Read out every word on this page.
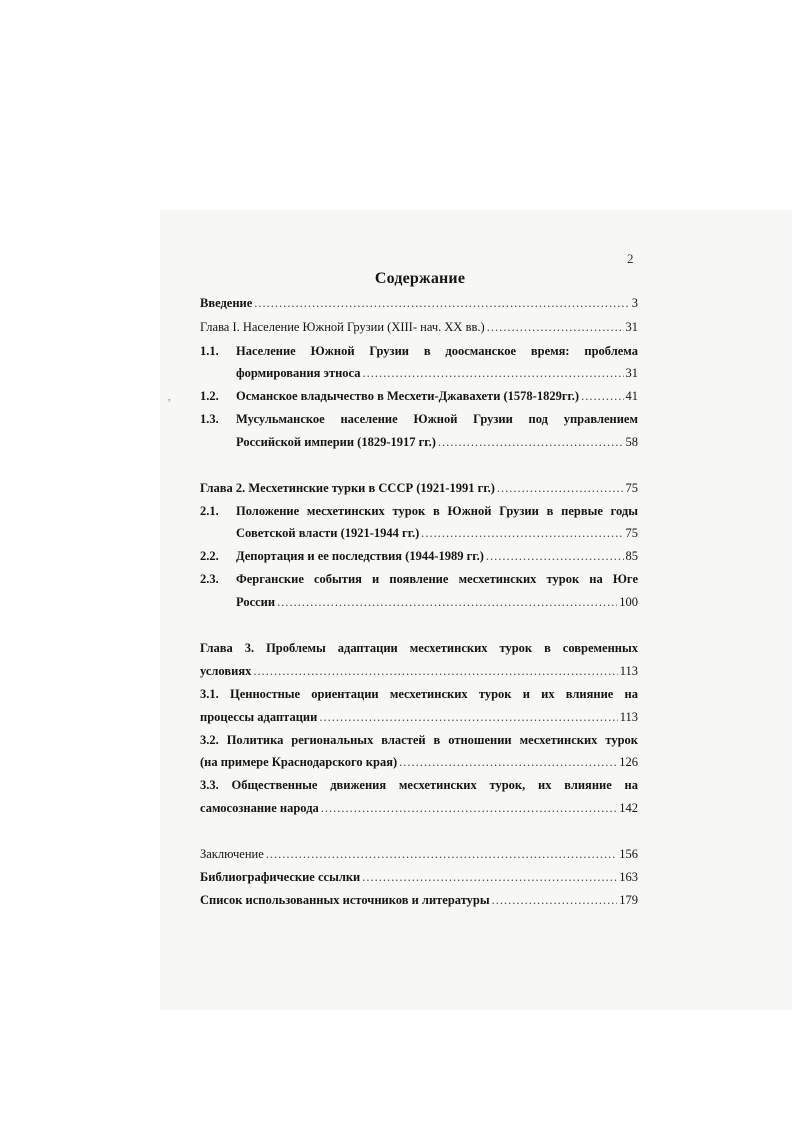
2
,
Содержание
Введение .....	3
Глава I. Население Южной Грузии (XIII- нач. XX вв.) .....	31
1.1.	Население Южной Грузии в доосманское время: проблема
формирования этноса .....	31
1.2.	Османское владычество в Месхети-Джавахети (1578-1829гг.) .....	41
1.3.	Мусульманское население Южной Грузии под управлением
Российской империи (1829-1917 гг.) .....	58
Глава 2. Месхетинские турки в СССР (1921-1991 гг.) .....	75
2.1.	Положение месхетинских турок в Южной Грузии в первые годы
Советской власти (1921-1944 гг.) .....	75
2.2.	Депортация и ее последствия (1944-1989 гг.) .....	85
2.3.	Ферганские события и появление месхетинских турок на Юге
России .....	100
Глава 3. Проблемы адаптации месхетинских турок в современных
условиях .....	113
3.1. Ценностные ориентации месхетинских турок и их влияние на
процессы адаптации .....	113
3.2. Политика региональных властей в отношении месхетинских турок
(на примере Краснодарского края) .....	126
3.3. Общественные движения месхетинских турок, их влияние на
самосознание народа .....	142
Заключение .....	156
Библиографические ссылки .....	163
Список использованных источников и литературы .....	179
